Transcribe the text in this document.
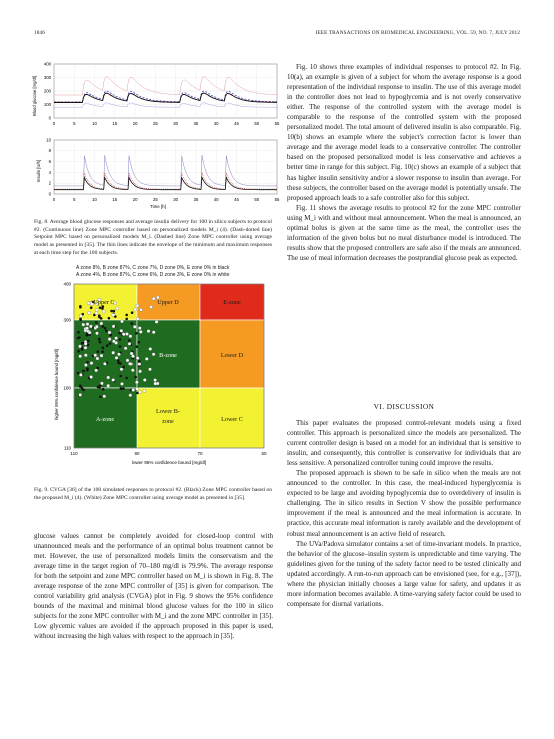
1846	IEEE TRANSACTIONS ON BIOMEDICAL ENGINEERING, VOL. 59, NO. 7, JULY 2012
0	5	10	15	20	25	30	35	40	45	50	55
0
100
200
300
400
Blood glucose [mg/dl]
0	5	10	15	20	25	30	35	40	45	50	55
0
2
4
6
8
10
Insulin [U/h]
Time [h]
Fig. 8. Average blood glucose responses and average insulin delivery for 100 in silico subjects to protocol #2. (Continuous line) Zone MPC controller based on personalized models M_i (4). (Dash-dotted line) Setpoint MPC based on personalized models M_i. (Dashed line) Zone MPC controller using average model as presented in [35]. The thin lines indicate the envelope of the minimum and maximum responses at each time step for the 100 subjects.
A zone 8%, B zone 87%, C zone 7%, D zone 0%, E zone 0% in black
A zone 4%, B zone 87%, C zone 6%, D zone 3%, E zone 0% in white
Upper C	Upper D	E-zone
B-zone	Lower D
A-zone
Lower B-
zone	Lower C
110	90	70	50
110
180
300
400
higher 95% confidence bound [mg/dl]
lower 95% confidence bound [mg/dl]
Fig. 9. CVGA [36] of the 100 simulated responses to protocol #2. (Black) Zone MPC controller based on the proposed M_i (4). (White) Zone MPC controller using average model as presented in [35].

glucose values cannot be completely avoided for closed-loop control with unannounced meals and the performance of an optimal bolus treatment cannot be met. However, the use of personalized models limits the conservatism and the average time in the target region of 70–180 mg/dl is 79.9%. The average response for both the setpoint and zone MPC controller based on M_i is shown in Fig. 8. The average response of the zone MPC controller of [35] is given for comparison. The control variability grid analysis (CVGA) plot in Fig. 9 shows the 95% confidence bounds of the maximal and minimal blood glucose values for the 100 in silico subjects for the zone MPC controller with M_i and the zone MPC controller in [35]. Low glycemic values are avoided if the approach proposed in this paper is used, without increasing the high values with respect to the approach in [35].

Fig. 10 shows three examples of individual responses to protocol #2. In Fig. 10(a), an example is given of a subject for whom the average response is a good representation of the individual response to insulin. The use of this average model in the controller does not lead to hypoglycemia and is not overly conservative either. The response of the controlled system with the average model is comparable to the response of the controlled system with the proposed personalized model. The total amount of delivered insulin is also comparable. Fig. 10(b) shows an example where the subject's correction factor is lower than average and the average model leads to a conservative controller. The controller based on the proposed personalized model is less conservative and achieves a better time in range for this subject. Fig. 10(c) shows an example of a subject that has higher insulin sensitivity and/or a slower response to insulin than average. For these subjects, the controller based on the average model is potentially unsafe. The proposed approach leads to a safe controller also for this subject.

Fig. 11 shows the average results to protocol #2 for the zone MPC controller using M_i with and without meal announcement. When the meal is announced, an optimal bolus is given at the same time as the meal, the controller uses the information of the given bolus but no meal disturbance model is introduced. The results show that the proposed controllers are safe also if the meals are announced. The use of meal information decreases the postprandial glucose peak as expected.

VI. DISCUSSION

This paper evaluates the proposed control-relevant models using a fixed controller. This approach is personalized since the models are personalized. The current controller design is based on a model for an individual that is sensitive to insulin, and consequently, this controller is conservative for individuals that are less sensitive. A personalized controller tuning could improve the results.

The proposed approach is shown to be safe in silico when the meals are not announced to the controller. In this case, the meal-induced hyperglycemia is expected to be large and avoiding hypoglycemia due to overdelivery of insulin is challenging. The in silico results in Section V show the possible performance improvement if the meal is announced and the meal information is accurate. In practice, this accurate meal information is rarely available and the development of robust meal announcement is an active field of research.

The UVa/Padova simulator contains a set of time-invariant models. In practice, the behavior of the glucose–insulin system is unpredictable and time varying. The guidelines given for the tuning of the safety factor need to be tested clinically and updated accordingly. A run-to-run approach can be envisioned (see, for e.g., [37]), where the physician initially chooses a large value for safety, and updates it as more information becomes available. A time-varying safety factor could be used to compensate for diurnal variations.
